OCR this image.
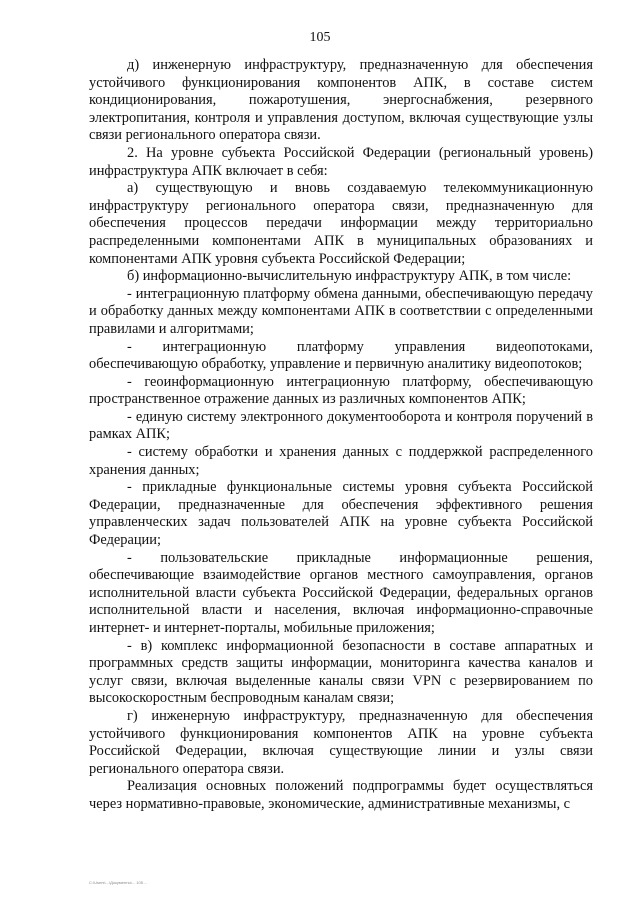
105

д) инженерную инфраструктуру, предназначенную для обеспечения устойчивого функционирования компонентов АПК, в составе систем кондиционирования, пожаротушения, энергоснабжения, резервного электропитания, контроля и управления доступом, включая существующие узлы связи регионального оператора связи.

2. На уровне субъекта Российской Федерации (региональный уровень) инфраструктура АПК включает в себя:

а) существующую и вновь создаваемую телекоммуникационную инфраструктуру регионального оператора связи, предназначенную для обеспечения процессов передачи информации между территориально распределенными компонентами АПК в муниципальных образованиях и компонентами АПК уровня субъекта Российской Федерации;

б) информационно-вычислительную инфраструктуру АПК, в том числе:

- интеграционную платформу обмена данными, обеспечивающую передачу и обработку данных между компонентами АПК в соответствии с определенными правилами и алгоритмами;

- интеграционную платформу управления видеопотоками, обеспечивающую обработку, управление и первичную аналитику видеопотоков;

- геоинформационную интеграционную платформу, обеспечивающую пространственное отражение данных из различных компонентов АПК;

- единую систему электронного документооборота и контроля поручений в рамках АПК;

- систему обработки и хранения данных с поддержкой распределенного хранения данных;

- прикладные функциональные системы уровня субъекта Российской Федерации, предназначенные для обеспечения эффективного решения управленческих задач пользователей АПК на уровне субъекта Российской Федерации;

- пользовательские прикладные информационные решения, обеспечивающие взаимодействие органов местного самоуправления, органов исполнительной власти субъекта Российской Федерации, федеральных органов исполнительной власти и населения, включая информационно-справочные интернет- и интернет-порталы, мобильные приложения;

- в) комплекс информационной безопасности в составе аппаратных и программных средств защиты информации, мониторинга качества каналов и услуг связи, включая выделенные каналы связи VPN с резервированием по высокоскоростным беспроводным каналам связи;

г) инженерную инфраструктуру, предназначенную для обеспечения устойчивого функционирования компонентов АПК на уровне субъекта Российской Федерации, включая существующие линии и узлы связи регионального оператора связи.

Реализация основных положений подпрограммы будет осуществляться через нормативно-правовые, экономические, административные механизмы, с

C:\Users\...\Документы\... 105 ...
